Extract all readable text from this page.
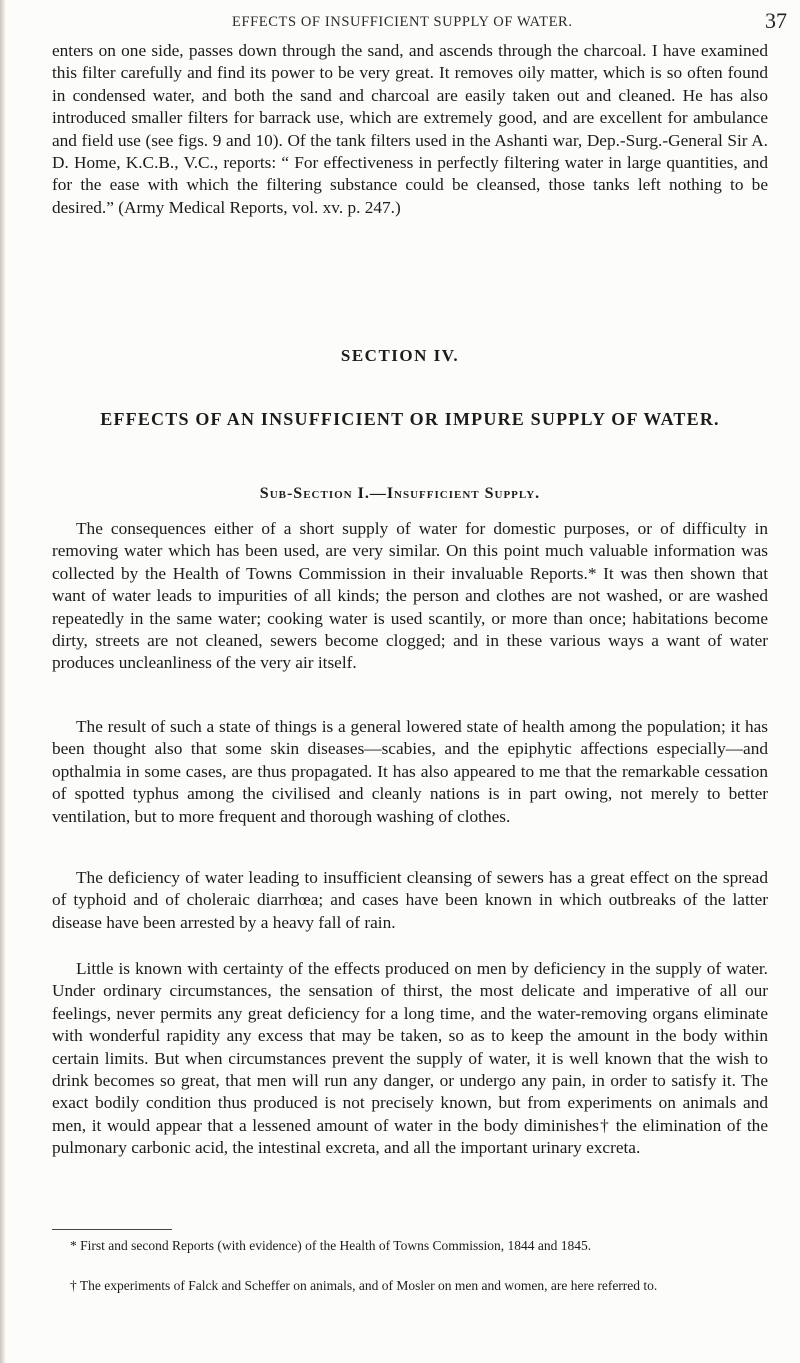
EFFECTS OF INSUFFICIENT SUPPLY OF WATER.	37

enters on one side, passes down through the sand, and ascends through the charcoal. I have examined this filter carefully and find its power to be very great. It removes oily matter, which is so often found in condensed water, and both the sand and charcoal are easily taken out and cleaned. He has also introduced smaller filters for barrack use, which are extremely good, and are excellent for ambulance and field use (see figs. 9 and 10). Of the tank filters used in the Ashanti war, Dep.-Surg.-General Sir A. D. Home, K.C.B., V.C., reports: “ For effectiveness in perfectly filtering water in large quantities, and for the ease with which the filtering substance could be cleansed, those tanks left nothing to be desired.” (Army Medical Reports, vol. xv. p. 247.)

SECTION IV.
EFFECTS OF AN INSUFFICIENT OR IMPURE SUPPLY OF WATER.
Sub-Section I.—Insufficient Supply.

The consequences either of a short supply of water for domestic purposes, or of difficulty in removing water which has been used, are very similar. On this point much valuable information was collected by the Health of Towns Commission in their invaluable Reports.* It was then shown that want of water leads to impurities of all kinds; the person and clothes are not washed, or are washed repeatedly in the same water; cooking water is used scantily, or more than once; habitations become dirty, streets are not cleaned, sewers become clogged; and in these various ways a want of water produces uncleanliness of the very air itself.

The result of such a state of things is a general lowered state of health among the population; it has been thought also that some skin diseases—scabies, and the epiphytic affections especially—and opthalmia in some cases, are thus propagated. It has also appeared to me that the remarkable cessation of spotted typhus among the civilised and cleanly nations is in part owing, not merely to better ventilation, but to more frequent and thorough washing of clothes.

The deficiency of water leading to insufficient cleansing of sewers has a great effect on the spread of typhoid and of choleraic diarrhœa; and cases have been known in which outbreaks of the latter disease have been arrested by a heavy fall of rain.

Little is known with certainty of the effects produced on men by deficiency in the supply of water. Under ordinary circumstances, the sensation of thirst, the most delicate and imperative of all our feelings, never permits any great deficiency for a long time, and the water-removing organs eliminate with wonderful rapidity any excess that may be taken, so as to keep the amount in the body within certain limits. But when circumstances prevent the supply of water, it is well known that the wish to drink becomes so great, that men will run any danger, or undergo any pain, in order to satisfy it. The exact bodily condition thus produced is not precisely known, but from experiments on animals and men, it would appear that a lessened amount of water in the body diminishes† the elimination of the pulmonary carbonic acid, the intestinal excreta, and all the important urinary excreta.

* First and second Reports (with evidence) of the Health of Towns Commission, 1844 and 1845.

† The experiments of Falck and Scheffer on animals, and of Mosler on men and women, are here referred to.
